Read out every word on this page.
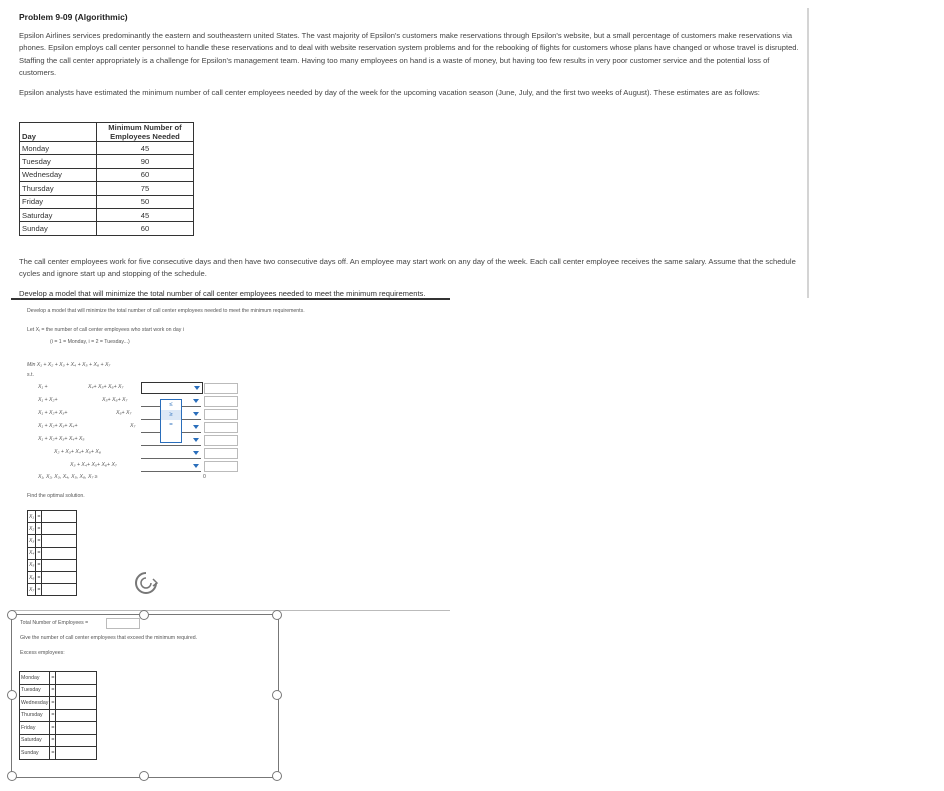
Problem 9-09 (Algorithmic)
Epsilon Airlines services predominantly the eastern and southeastern united States. The vast majority of Epsilon's customers make reservations through Epsilon's website, but a small percentage of customers make reservations via phones. Epsilon employs call center personnel to handle these reservations and to deal with website reservation system problems and for the rebooking of flights for customers whose plans have changed or whose travel is disrupted. Staffing the call center appropriately is a challenge for Epsilon's management team. Having too many employees on hand is a waste of money, but having too few results in very poor customer service and the potential loss of customers.
Epsilon analysts have estimated the minimum number of call center employees needed by day of the week for the upcoming vacation season (June, July, and the first two weeks of August). These estimates are as follows:
Day	Minimum Number of
Employees Needed
Monday	45
Tuesday	90
Wednesday	60
Thursday	75
Friday	50
Saturday	45
Sunday	60
The call center employees work for five consecutive days and then have two consecutive days off. An employee may start work on any day of the week. Each call center employee receives the same salary. Assume that the schedule cycles and ignore start up and stopping of the schedule.
Develop a model that will minimize the total number of call center employees needed to meet the minimum requirements.
Develop a model that will minimize the total number of call center employees needed to meet the minimum requirements.
Let Xᵢ = the number of call center employees who start work on day i
(i = 1 = Monday, i = 2 = Tuesday...)
Min X₁ + X₂ + X₃ + X₄ + X₅ + X₆ + X₇
s.t.
X₁ +
X₁ + X₂+
X₁ + X₂+ X₃+
X₁ + X₂+ X₃+ X₄+
X₁ + X₂+ X₃+ X₄+ X₅
X₂ + X₃+ X₄+ X₅+ X₆
X₃ + X₄+ X₅+ X₆+ X₇
X₄+ X₅+ X₆+ X₇
X₅+ X₆+ X₇
X₆+ X₇
X₇
≤
≥
=
X₁, X₂, X₃, X₄, X₅, X₆, X₇ ≥	0
Find the optimal solution.
X₁	=	
X₂	=	
X₃	=	
X₄	=	
X₅	=	
X₆	=	
X₇	=	
Total Number of Employees =
Give the number of call center employees that exceed the minimum required.
Excess employees:
Monday	=	
Tuesday	=	
Wednesday	=	
Thursday	=	
Friday	=	
Saturday	=	
Sunday	=	
